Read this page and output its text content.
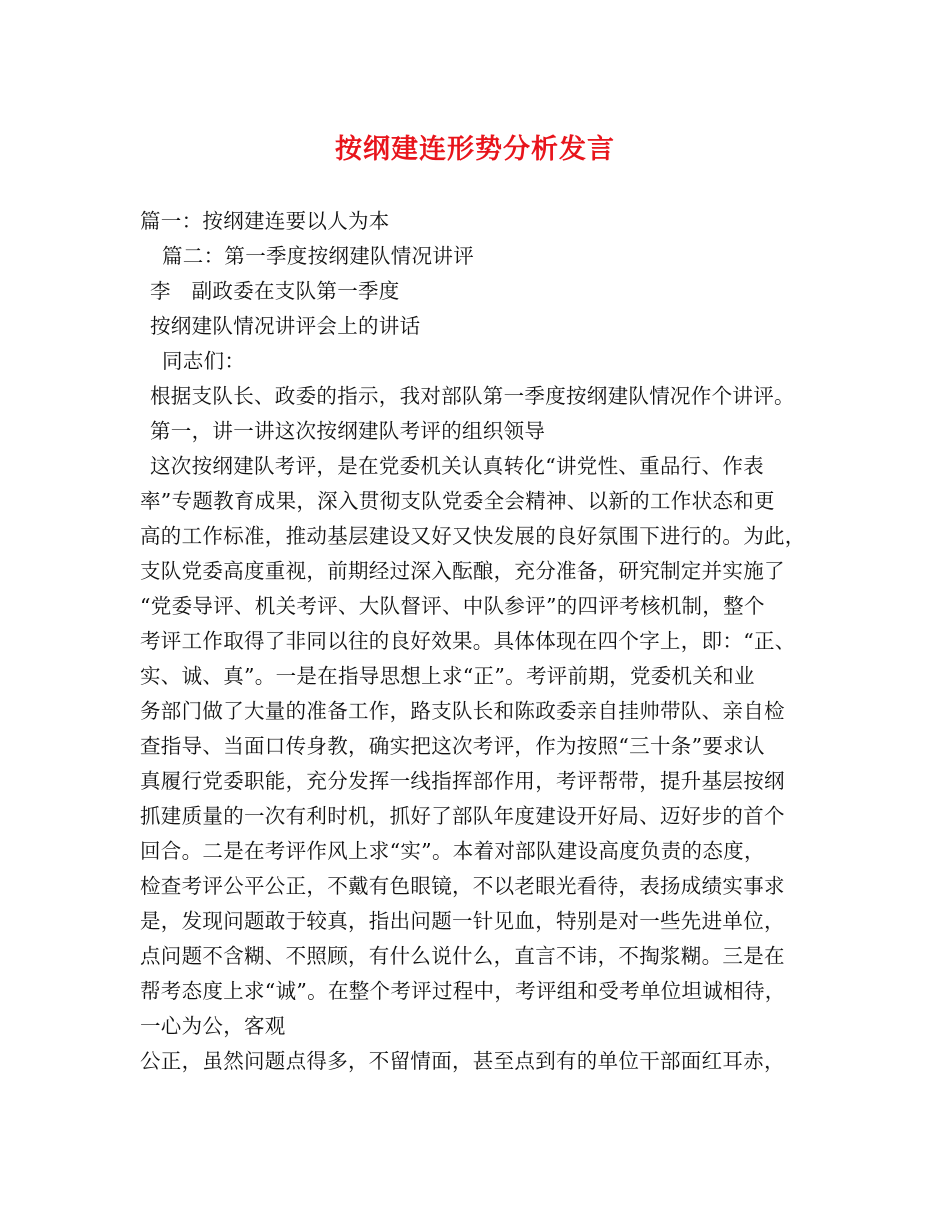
按纲建连形势分析发言
篇一：按纲建连要以人为本
篇二：第一季度按纲建队情况讲评
李　副政委在支队第一季度
按纲建队情况讲评会上的讲话
同志们：
根据支队长、政委的指示，我对部队第一季度按纲建队情况作个讲评。
第一，讲一讲这次按纲建队考评的组织领导
这次按纲建队考评，是在党委机关认真转化“讲党性、重品行、作表
率”专题教育成果，深入贯彻支队党委全会精神、以新的工作状态和更
高的工作标准，推动基层建设又好又快发展的良好氛围下进行的。为此，
支队党委高度重视，前期经过深入酝酿，充分准备，研究制定并实施了
“党委导评、机关考评、大队督评、中队参评”的四评考核机制，整个
考评工作取得了非同以往的良好效果。具体体现在四个字上，即：“正、
实、诚、真”。一是在指导思想上求“正”。考评前期，党委机关和业
务部门做了大量的准备工作，路支队长和陈政委亲自挂帅带队、亲自检
查指导、当面口传身教，确实把这次考评，作为按照“三十条”要求认
真履行党委职能，充分发挥一线指挥部作用，考评帮带，提升基层按纲
抓建质量的一次有利时机，抓好了部队年度建设开好局、迈好步的首个
回合。二是在考评作风上求“实”。本着对部队建设高度负责的态度，
检查考评公平公正，不戴有色眼镜，不以老眼光看待，表扬成绩实事求
是，发现问题敢于较真，指出问题一针见血，特别是对一些先进单位，
点问题不含糊、不照顾，有什么说什么，直言不讳，不掏浆糊。三是在
帮考态度上求“诚”。在整个考评过程中，考评组和受考单位坦诚相待，
一心为公，客观
公正，虽然问题点得多，不留情面，甚至点到有的单位干部面红耳赤，
